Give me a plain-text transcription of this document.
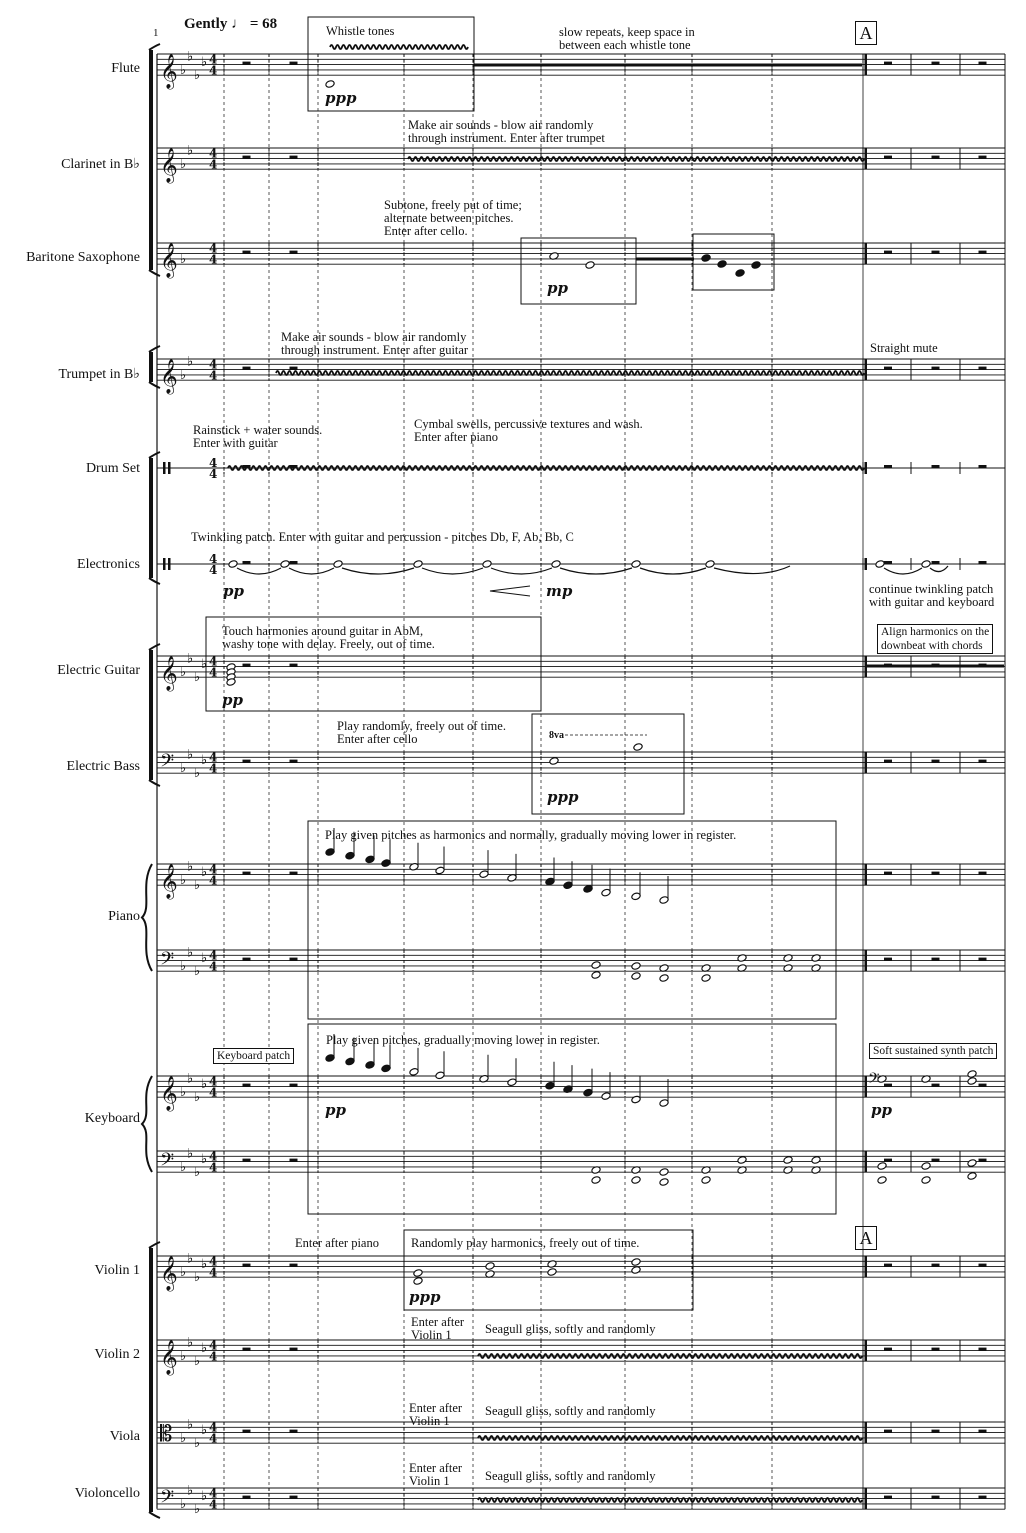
𝄞 ♭
♭
♭
♭ 4
4
𝄞 ♭
♭ 4
4
𝄞 ♭
4
4
𝄞 ♭
♭ 4
4
4
4
4
4
𝄞 ♭
♭
♭
♭ 4
4
𝄢 ♭
♭
♭
♭ 4
4
𝄞 ♭
♭
♭
♭ 4
4
𝄢 ♭
♭
♭
♭ 4
4
𝄞 ♭
♭
♭
♭ 4
4
𝄢 ♭
♭
♭
♭ 4
4
𝄞 ♭
♭
♭
♭ 4
4
𝄞 ♭
♭
♭
♭ 4
4
𝄡 ♭
♭
♭
♭ 4
4
𝄢 ♭
♭
♭
♭ 4
4
𝄢
1
Gently ♩ = 68	A
A
Flute
Clarinet in B♭
Baritone Saxophone
Trumpet in B♭
Drum Set
Electronics
Electric Guitar
Electric Bass
Piano
Keyboard
Violin 1
Violin 2
Viola
Violoncello
Whistle tones	slow repeats, keep space in
between each whistle tone
Make air sounds - blow air randomly
through instrument. Enter after trumpet
Subtone, freely put of time;
alternate between pitches.
Enter after cello.
Make air sounds - blow air randomly
through instrument. Enter after guitar	Straight mute
Rainstick + water sounds.
Enter with guitar
Cymbal swells, percussive textures and wash.
Enter after piano
Twinkling patch. Enter with guitar and percussion - pitches Db, F, Ab, Bb, C
continue twinkling patch
with guitar and keyboard
Touch harmonies around guitar in AbM,
washy tone with delay. Freely, out of time.
Align harmonics on the
downbeat with chords
Play randomly, freely out of time.
Enter after cello	8va
Play given pitches as harmonics and normally, gradually moving lower in register.
Keyboard patch
Play given pitches, gradually moving lower in register.
Soft sustained synth patch
Enter after piano	Randomly play harmonics, freely out of time.
Enter after
Violin 1	Seagull gliss, softly and randomly
Enter after
Violin 1
Seagull gliss, softly and randomly
Enter after
Violin 1	Seagull gliss, softly and randomly
ppp
pp
pp	mp
pp
ppp
pp	pp
ppp
